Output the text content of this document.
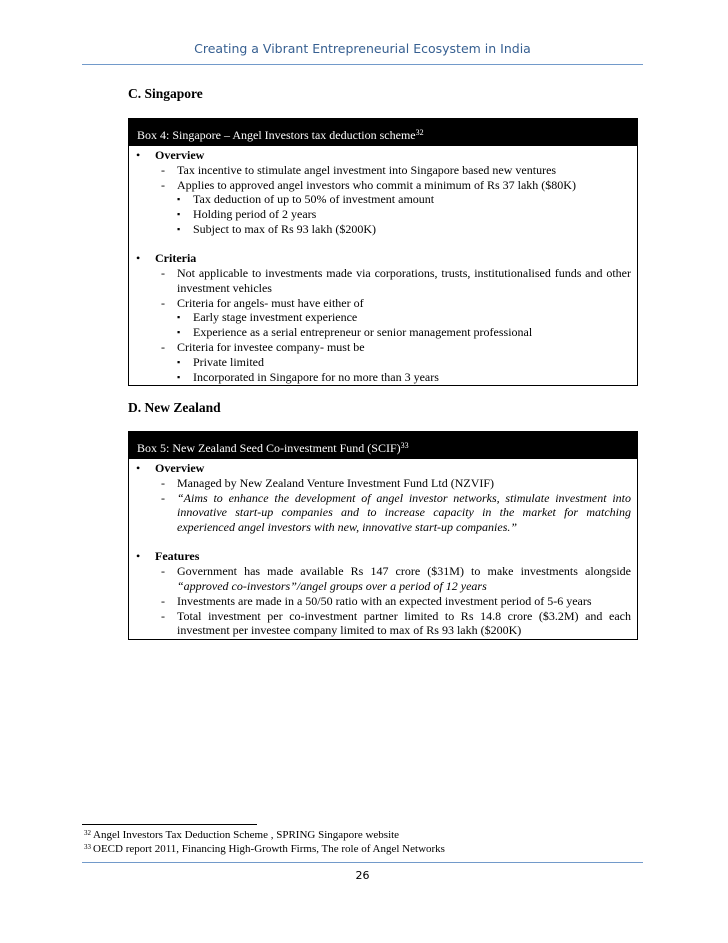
Creating a Vibrant Entrepreneurial Ecosystem in India
C. Singapore
Box 4: Singapore – Angel Investors tax deduction scheme$^{32}$
• Overview
- Tax incentive to stimulate angel investment into Singapore based new ventures
- Applies to approved angel investors who commit a minimum of Rs 37 lakh ($80K)
▪ Tax deduction of up to 50% of investment amount
▪ Holding period of 2 years
▪ Subject to max of Rs 93 lakh ($200K)
• Criteria
- Not applicable to investments made via corporations, trusts, institutionalised funds and other investment vehicles
- Criteria for angels- must have either of
▪ Early stage investment experience
▪ Experience as a serial entrepreneur or senior management professional
- Criteria for investee company- must be
▪ Private limited
▪ Incorporated in Singapore for no more than 3 years
D. New Zealand
Box 5: New Zealand Seed Co-investment Fund (SCIF)$^{33}$
• Overview
- Managed by New Zealand Venture Investment Fund Ltd (NZVIF)
- “Aims to enhance the development of angel investor networks, stimulate investment into innovative start-up companies and to increase capacity in the market for matching experienced angel investors with new, innovative start-up companies.”
• Features
- Government has made available Rs 147 crore ($31M) to make investments alongside “approved co-investors”/angel groups over a period of 12 years
- Investments are made in a 50/50 ratio with an expected investment period of 5-6 years
- Total investment per co-investment partner limited to Rs 14.8 crore ($3.2M) and each investment per investee company limited to max of Rs 93 lakh ($200K)
$^{32}$ Angel Investors Tax Deduction Scheme , SPRING Singapore website
$^{33}$ OECD report 2011, Financing High-Growth Firms, The role of Angel Networks
26
